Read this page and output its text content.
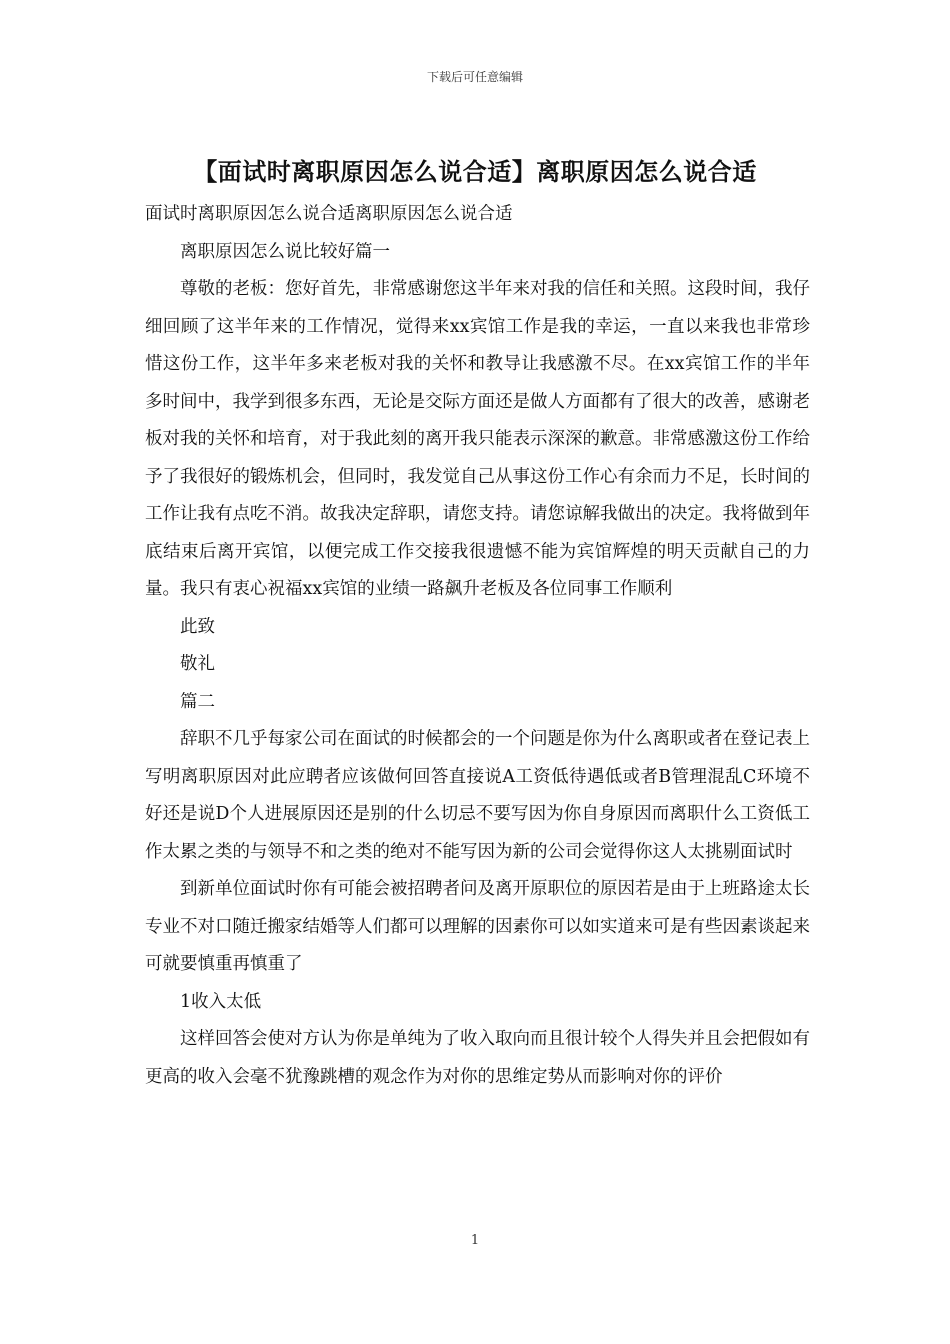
下载后可任意编辑
【面试时离职原因怎么说合适】离职原因怎么说合适

面试时离职原因怎么说合适离职原因怎么说合适

离职原因怎么说比较好篇一

尊敬的老板：您好首先，非常感谢您这半年来对我的信任和关照。这段时间，我仔细回顾了这半年来的工作情况，觉得来xx宾馆工作是我的幸运，一直以来我也非常珍惜这份工作，这半年多来老板对我的关怀和教导让我感激不尽。在xx宾馆工作的半年多时间中，我学到很多东西，无论是交际方面还是做人方面都有了很大的改善，感谢老板对我的关怀和培育，对于我此刻的离开我只能表示深深的歉意。非常感激这份工作给予了我很好的锻炼机会，但同时，我发觉自己从事这份工作心有余而力不足，长时间的工作让我有点吃不消。故我决定辞职，请您支持。请您谅解我做出的决定。我将做到年底结束后离开宾馆，以便完成工作交接我很遗憾不能为宾馆辉煌的明天贡献自己的力量。我只有衷心祝福xx宾馆的业绩一路飙升老板及各位同事工作顺利

此致

敬礼

篇二

辞职不几乎每家公司在面试的时候都会的一个问题是你为什么离职或者在登记表上写明离职原因对此应聘者应该做何回答直接说A工资低待遇低或者B管理混乱C环境不好还是说D个人进展原因还是别的什么切忌不要写因为你自身原因而离职什么工资低工作太累之类的与领导不和之类的绝对不能写因为新的公司会觉得你这人太挑剔面试时

到新单位面试时你有可能会被招聘者问及离开原职位的原因若是由于上班路途太长专业不对口随迁搬家结婚等人们都可以理解的因素你可以如实道来可是有些因素谈起来可就要慎重再慎重了

1收入太低

这样回答会使对方认为你是单纯为了收入取向而且很计较个人得失并且会把假如有更高的收入会毫不犹豫跳槽的观念作为对你的思维定势从而影响对你的评价

1
